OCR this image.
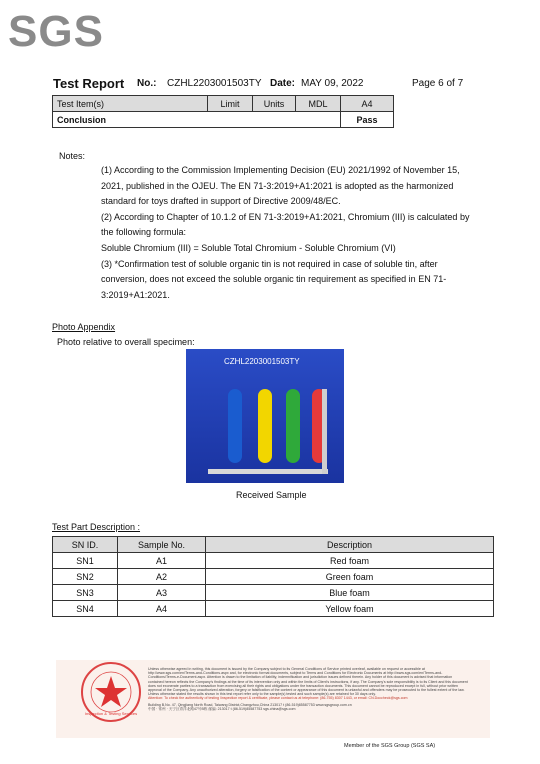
SGS
Test Report No.: CZHL2203001503TY Date: MAY 09, 2022	Page 6 of 7
Test Item(s)	Limit	Units	MDL	A4
Conclusion				Pass
Notes:

(1) According to the Commission Implementing Decision (EU) 2021/1992 of November 15, 2021, published in the OJEU. The EN 71-3:2019+A1:2021 is adopted as the harmonized standard for toys drafted in support of Directive 2009/48/EC.

(2) According to Chapter of 10.1.2 of EN 71-3:2019+A1:2021, Chromium (III) is calculated by the following formula:

Soluble Chromium (III) = Soluble Total Chromium - Soluble Chromium (VI)

(3) *Confirmation test of soluble organic tin is not required in case of soluble tin, after conversion, does not exceed the soluble organic tin requirement as specified in EN 71-3:2019+A1:2021.

Photo Appendix
Photo relative to overall specimen:
CZHL2203001503TY
Received Sample
Test Part Description :
SN ID.	Sample No.	Description
SN1	A1	Red foam
SN2	A2	Green foam
SN3	A3	Blue foam
SN4	A4	Yellow foam
Inspection & Testing Services
Unless otherwise agreed in writing, this document is issued by the Company subject to its General Conditions of Service printed overleaf, available on request or accessible at http://www.sgs.com/en/Terms-and-Conditions.aspx and, for electronic format documents, subject to Terms and Conditions for Electronic Documents at http://www.sgs.com/en/Terms-and-Conditions/Terms-e-Document.aspx. Attention is drawn to the limitation of liability, indemnification and jurisdiction issues defined therein. Any holder of this document is advised that information contained hereon reflects the Company's findings at the time of its intervention only and within the limits of Client's instructions, if any. The Company's sole responsibility is to its Client and this document does not exonerate parties to a transaction from exercising all their rights and obligations under the transaction documents. This document cannot be reproduced except in full, without prior written approval of the Company. Any unauthorized alteration, forgery or falsification of the content or appearance of this document is unlawful and offenders may be prosecuted to the fullest extent of the law. Unless otherwise stated the results shown in this test report refer only to the sample(s) tested and such sample(s) are retained for 30 days only.
Attention: To check the authenticity of testing /inspection report & certificate, please contact us at telephone: (86-755) 8307 1443, or email: CN.Doccheck@sgs.com
Building B,No. 47, Qingjiang North Road, Taiwang District,Changzhou,China 213017 t (86-519)85587753 www.sgsgroup.com.cn
中国 · 常州 · 天宁区青洋北路47号B栋 邮编: 213017 t (86-519)85587753 sgs.china@sgs.com
Member of the SGS Group (SGS SA)
